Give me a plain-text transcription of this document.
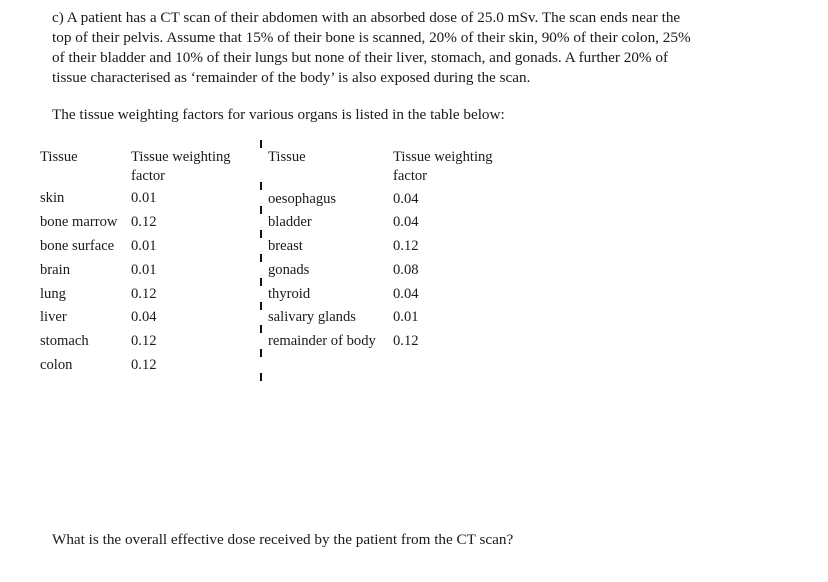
c) A patient has a CT scan of their abdomen with an absorbed dose of 25.0 mSv. The scan ends near the
top of their pelvis. Assume that 15% of their bone is scanned, 20% of their skin, 90% of their colon, 25%
of their bladder and 10% of their lungs but none of their liver, stomach, and gonads. A further 20% of
tissue characterised as ‘remainder of the body’ is also exposed during the scan.
The tissue weighting factors for various organs is listed in the table below:
Tissue	Tissue weighting
factor
Tissue	Tissue weighting
factor
skin	0.01
bone marrow 0.12
bone surface 0.01
brain	0.01
lung	0.12
liver	0.04
stomach	0.12
colon	0.12
oesophagus	0.04
bladder	0.04
breast	0.12
gonads	0.08
thyroid	0.04
salivary glands	0.01
remainder of body 0.12
What is the overall effective dose received by the patient from the CT scan?
